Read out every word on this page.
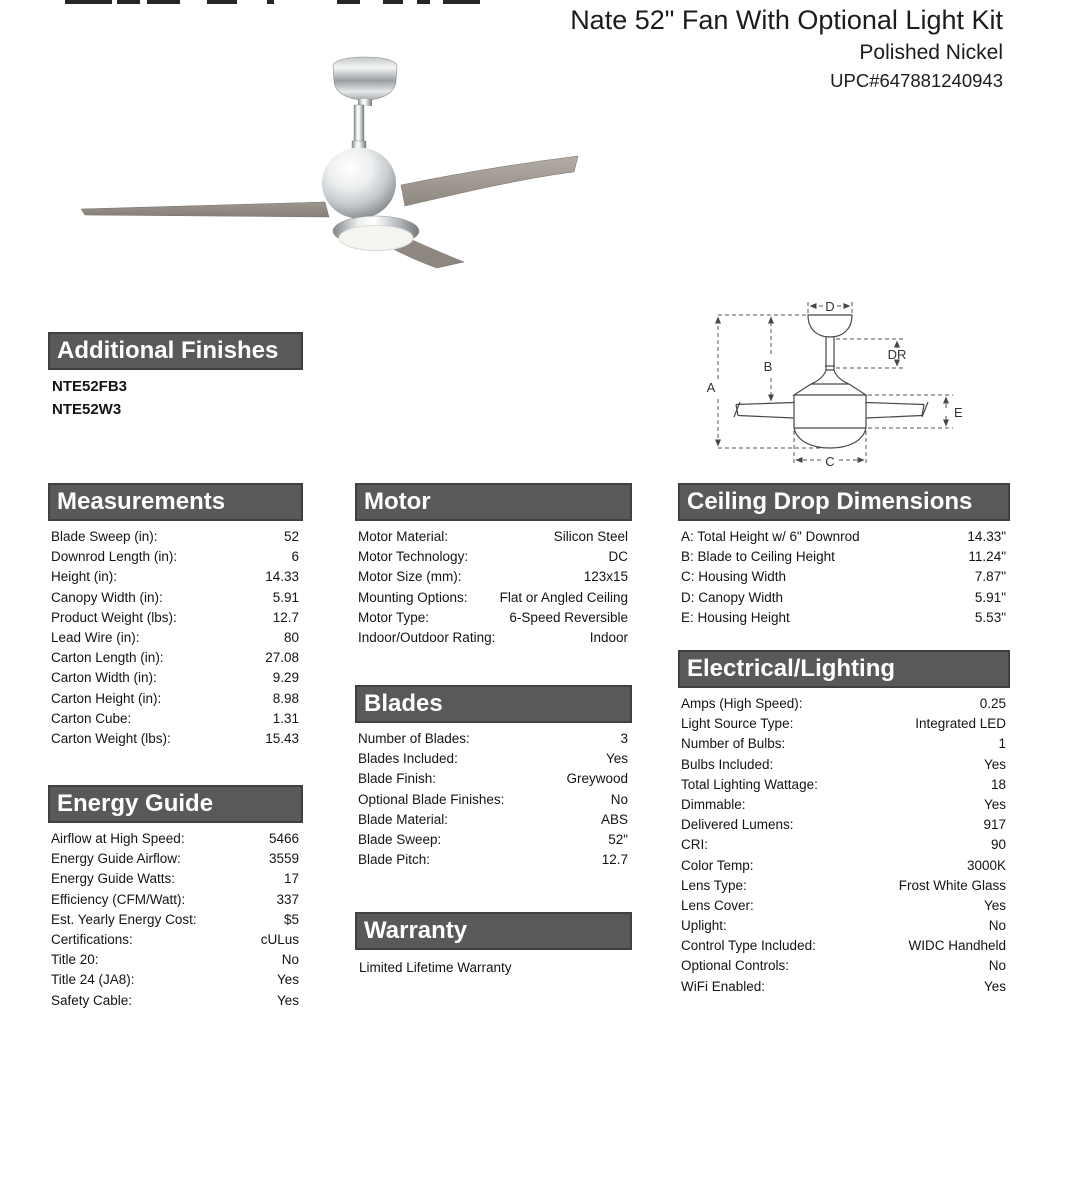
Nate 52" Fan With Optional Light Kit
Polished Nickel
UPC#647881240943
A
B
C
D
DR
E
Additional Finishes
NTE52FB3
NTE52W3
Measurements
Blade Sweep (in):	52
Downrod Length (in):	6
Height (in):	14.33
Canopy Width (in):	5.91
Product Weight (lbs):	12.7
Lead Wire (in):	80
Carton Length (in):	27.08
Carton Width (in):	9.29
Carton Height (in):	8.98
Carton Cube:	1.31
Carton Weight (lbs):	15.43
Energy Guide
Airflow at High Speed:	5466
Energy Guide Airflow:	3559
Energy Guide Watts:	17
Efficiency (CFM/Watt):	337
Est. Yearly Energy Cost:	$5
Certifications:	cULus
Title 20:	No
Title 24 (JA8):	Yes
Safety Cable:	Yes
Motor
Motor Material:	Silicon Steel
Motor Technology:	DC
Motor Size (mm):	123x15
Mounting Options: Flat or Angled Ceiling
Motor Type:	6-Speed Reversible
Indoor/Outdoor Rating:	Indoor
Blades
Number of Blades:	3
Blades Included:	Yes
Blade Finish:	Greywood
Optional Blade Finishes:	No
Blade Material:	ABS
Blade Sweep:	52"
Blade Pitch:	12.7
Warranty
Limited Lifetime Warranty
Ceiling Drop Dimensions
A: Total Height w/ 6" Downrod	14.33"
B: Blade to Ceiling Height	11.24"
C: Housing Width	7.87"
D: Canopy Width	5.91"
E: Housing Height	5.53"
Electrical/Lighting
Amps (High Speed):	0.25
Light Source Type:	Integrated LED
Number of Bulbs:	1
Bulbs Included:	Yes
Total Lighting Wattage:	18
Dimmable:	Yes
Delivered Lumens:	917
CRI:	90
Color Temp:	3000K
Lens Type:	Frost White Glass
Lens Cover:	Yes
Uplight:	No
Control Type Included:	WIDC Handheld
Optional Controls:	No
WiFi Enabled:	Yes
